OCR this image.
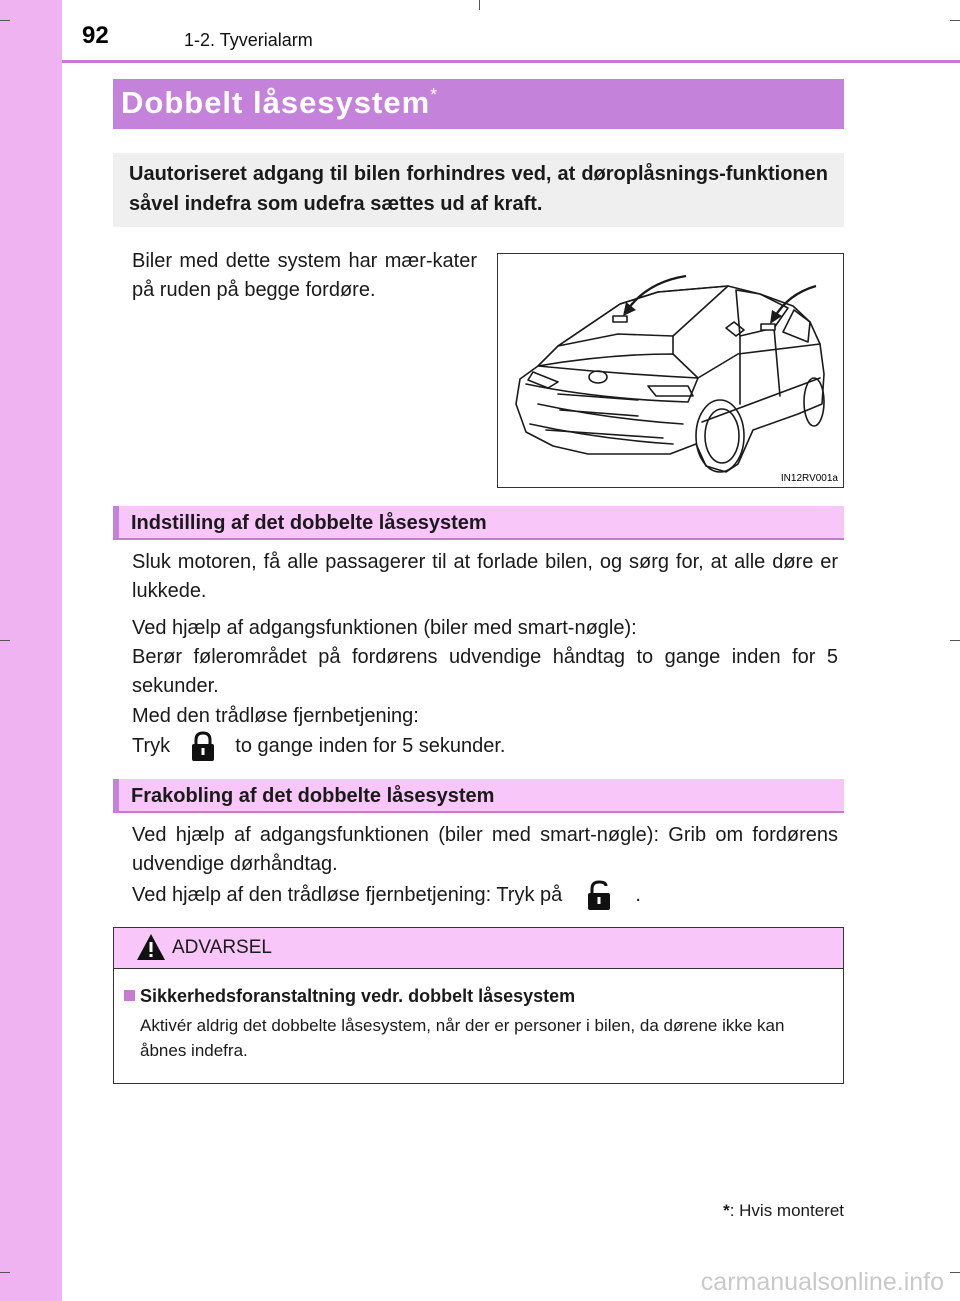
92	1-2. Tyverialarm
Dobbelt låsesystem*
Uautoriseret adgang til bilen forhindres ved, at døroplåsnings-funktionen såvel indefra som udefra sættes ud af kraft.
Biler med dette system har mær-kater på ruden på begge fordøre.
IN12RV001a
Indstilling af det dobbelte låsesystem
Sluk motoren, få alle passagerer til at forlade bilen, og sørg for, at alle døre er lukkede.
Ved hjælp af adgangsfunktionen (biler med smart-nøgle):
Berør følerområdet på fordørens udvendige håndtag to gange inden for 5 sekunder.
Med den trådløse fjernbetjening:
Tryk	to gange inden for 5 sekunder.
Frakobling af det dobbelte låsesystem
Ved hjælp af adgangsfunktionen (biler med smart-nøgle): Grib om fordørens udvendige dørhåndtag.
Ved hjælp af den trådløse fjernbetjening: Tryk på	.
ADVARSEL
Sikkerhedsforanstaltning vedr. dobbelt låsesystem
Aktivér aldrig det dobbelte låsesystem, når der er personer i bilen, da dørene ikke kan åbnes indefra.
*: Hvis monteret
carmanualsonline.info
